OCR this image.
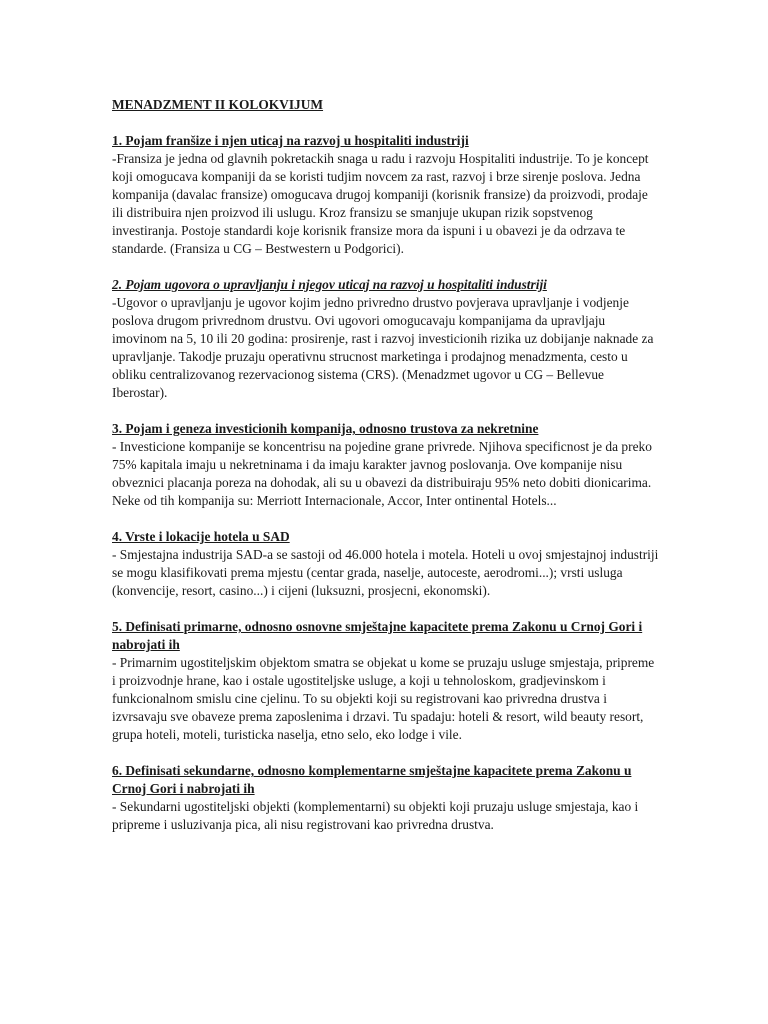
MENADZMENT II KOLOKVIJUM
1. Pojam franšize i njen uticaj na razvoj u hospitaliti industriji

-Fransiza je jedna od glavnih pokretackih snaga u radu i razvoju Hospitaliti industrije. To je koncept koji omogucava kompaniji da se koristi tudjim novcem za rast, razvoj i brze sirenje poslova. Jedna kompanija (davalac fransize) omogucava drugoj kompaniji (korisnik fransize) da proizvodi, prodaje ili distribuira njen proizvod ili uslugu. Kroz fransizu se smanjuje ukupan rizik sopstvenog investiranja. Postoje standardi koje korisnik fransize mora da ispuni i u obavezi je da odrzava te standarde. (Fransiza u CG – Bestwestern u Podgorici).

2. Pojam ugovora o upravljanju i njegov uticaj na razvoj u hospitaliti industriji

-Ugovor o upravljanju je ugovor kojim jedno privredno drustvo povjerava upravljanje i vodjenje poslova drugom privrednom drustvu. Ovi ugovori omogucavaju kompanijama da upravljaju imovinom na 5, 10 ili 20 godina: prosirenje, rast i razvoj investicionih rizika uz dobijanje naknade za upravljanje. Takodje pruzaju operativnu strucnost marketinga i prodajnog menadzmenta, cesto u obliku centralizovanog rezervacionog sistema (CRS). (Menadzmet ugovor u CG – Bellevue Iberostar).

3. Pojam i geneza investicionih kompanija, odnosno trustova za nekretnine

- Investicione kompanije se koncentrisu na pojedine grane privrede. Njihova specificnost je da preko 75% kapitala imaju u nekretninama i da imaju karakter javnog poslovanja. Ove kompanije nisu obveznici placanja poreza na dohodak, ali su u obavezi da distribuiraju 95% neto dobiti dionicarima. Neke od tih kompanija su: Merriott Internacionale, Accor, Inter ontinental Hotels...

4. Vrste i lokacije hotela u SAD

- Smjestajna industrija SAD-a se sastoji od 46.000 hotela i motela. Hoteli u ovoj smjestajnoj industriji se mogu klasifikovati prema mjestu (centar grada, naselje, autoceste, aerodromi...); vrsti usluga (konvencije, resort, casino...) i cijeni (luksuzni, prosjecni, ekonomski).

5. Definisati primarne, odnosno osnovne smještajne kapacitete prema Zakonu u Crnoj Gori i nabrojati ih

- Primarnim ugostiteljskim objektom smatra se objekat u kome se pruzaju usluge smjestaja, pripreme i proizvodnje hrane, kao i ostale ugostiteljske usluge, a koji u tehnoloskom, gradjevinskom i funkcionalnom smislu cine cjelinu. To su objekti koji su registrovani kao privredna drustva i izvrsavaju sve obaveze prema zaposlenima i drzavi. Tu spadaju: hoteli & resort, wild beauty resort, grupa hoteli, moteli, turisticka naselja, etno selo, eko lodge i vile.

6. Definisati sekundarne, odnosno komplementarne smještajne kapacitete prema Zakonu u Crnoj Gori i nabrojati ih

- Sekundarni ugostiteljski objekti (komplementarni) su objekti koji pruzaju usluge smjestaja, kao i pripreme i usluzivanja pica, ali nisu registrovani kao privredna drustva.
